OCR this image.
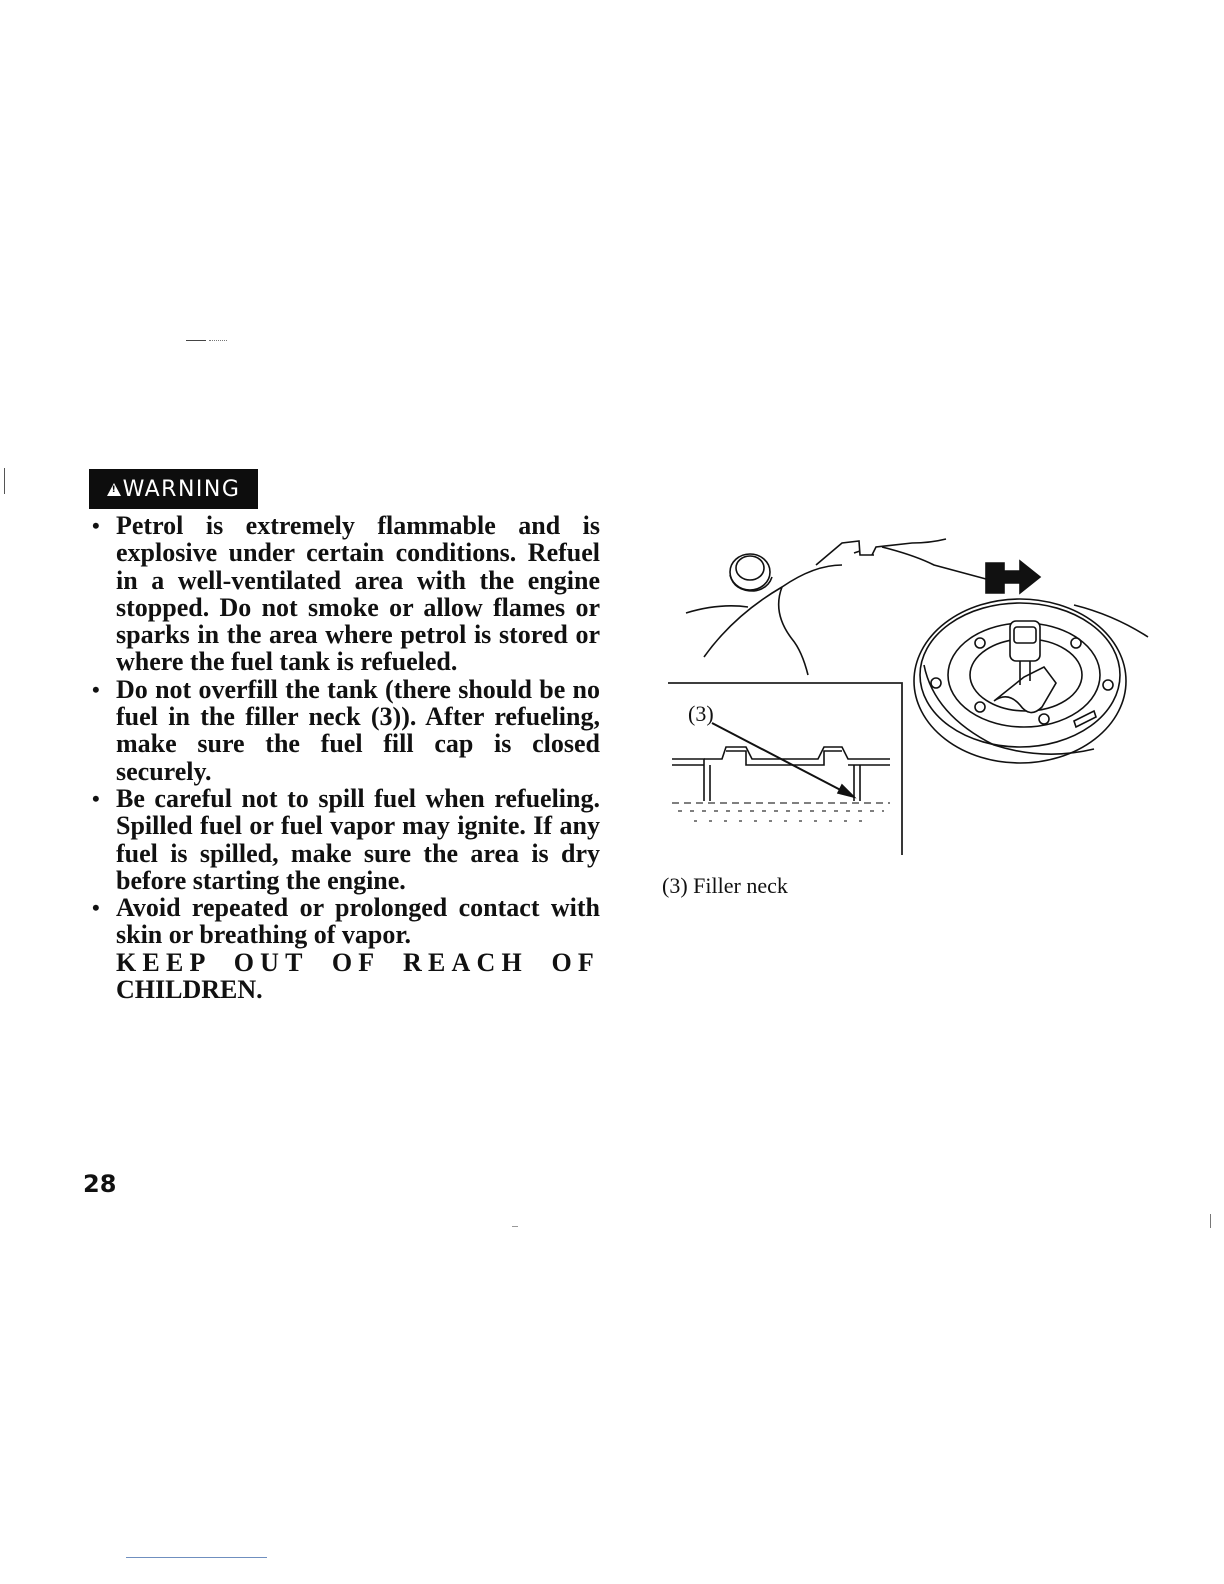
!
WARNING
• Petrol is extremely flammable and is explosive under certain conditions. Refuel in a well-ventilated area with the engine stopped. Do not smoke or allow flames or sparks in the area where petrol is stored or where the fuel tank is refueled.
• Do not overfill the tank (there should be no fuel in the filler neck (3)). After refueling, make sure the fuel fill cap is closed securely.
• Be careful not to spill fuel when refueling. Spilled fuel or fuel vapor may ignite. If any fuel is spilled, make sure the area is dry before starting the engine.
• Avoid repeated or prolonged contact with skin or breathing of vapor.
KEEP OUT OF REACH OF
CHILDREN.
(3)
(3) Filler neck
28
